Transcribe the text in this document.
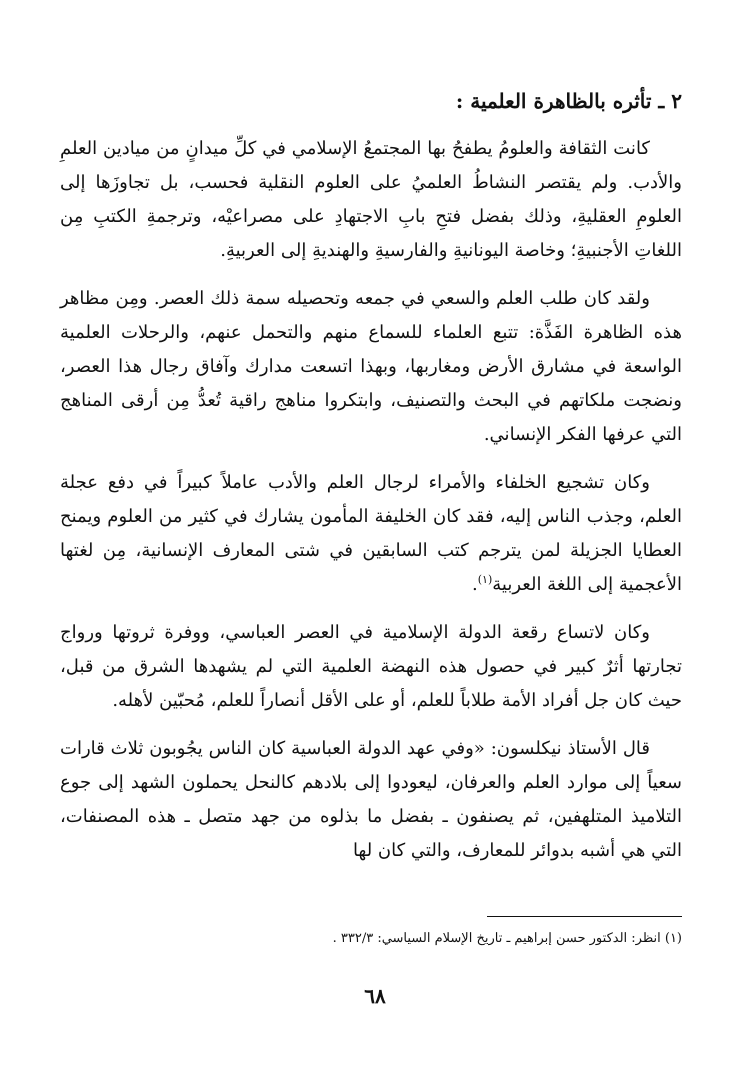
٢ ـ تأثره بالظاهرة العلمية :

كانت الثقافة والعلومُ يطفحُ بها المجتمعُ الإسلامي في كلِّ ميدانٍ من ميادين العلمِ والأدب. ولم يقتصر النشاطُ العلميُ على العلوم النقلية فحسب، بل تجاوزَها إلى العلومِ العقليةِ، وذلك بفضل فتحِ بابِ الاجتهادِ على مصراعيْه، وترجمةِ الكتبِ مِن اللغاتِ الأجنبيةِ؛ وخاصة اليونانيةِ والفارسيةِ والهنديةِ إلى العربيةِ.

ولقد كان طلب العلم والسعي في جمعه وتحصيله سمة ذلك العصر. ومِن مظاهر هذه الظاهرة الفَذَّة: تتبع العلماء للسماع منهم والتحمل عنهم، والرحلات العلمية الواسعة في مشارق الأرض ومغاربها، وبهذا اتسعت مدارك وآفاق رجال هذا العصر، ونضجت ملكاتهم في البحث والتصنيف، وابتكروا مناهج راقية تُعدُّ مِن أرقى المناهج التي عرفها الفكر الإنساني.

وكان تشجيع الخلفاء والأمراء لرجال العلم والأدب عاملاً كبيراً في دفع عجلة العلم، وجذب الناس إليه، فقد كان الخليفة المأمون يشارك في كثير من العلوم ويمنح العطايا الجزيلة لمن يترجم كتب السابقين في شتى المعارف الإنسانية، مِن لغتها الأعجمية إلى اللغة العربية$^{(١)}$.

وكان لاتساع رقعة الدولة الإسلامية في العصر العباسي، ووفرة ثروتها ورواج تجارتها أثرٌ كبير في حصول هذه النهضة العلمية التي لم يشهدها الشرق من قبل، حيث كان جل أفراد الأمة طلاباً للعلم، أو على الأقل أنصاراً للعلم، مُحبّين لأهله.

قال الأستاذ نيكلسون: «وفي عهد الدولة العباسية كان الناس يجُوبون ثلاث قارات سعياً إلى موارد العلم والعرفان، ليعودوا إلى بلادهم كالنحل يحملون الشهد إلى جوع التلاميذ المتلهفين، ثم يصنفون ـ بفضل ما بذلوه من جهد متصل ـ هذه المصنفات، التي هي أشبه بدوائر للمعارف، والتي كان لها

(١) انظر: الدكتور حسن إبراهيم ـ تاريخ الإسلام السياسي: ٣٣٢/٣ .
٦٨
